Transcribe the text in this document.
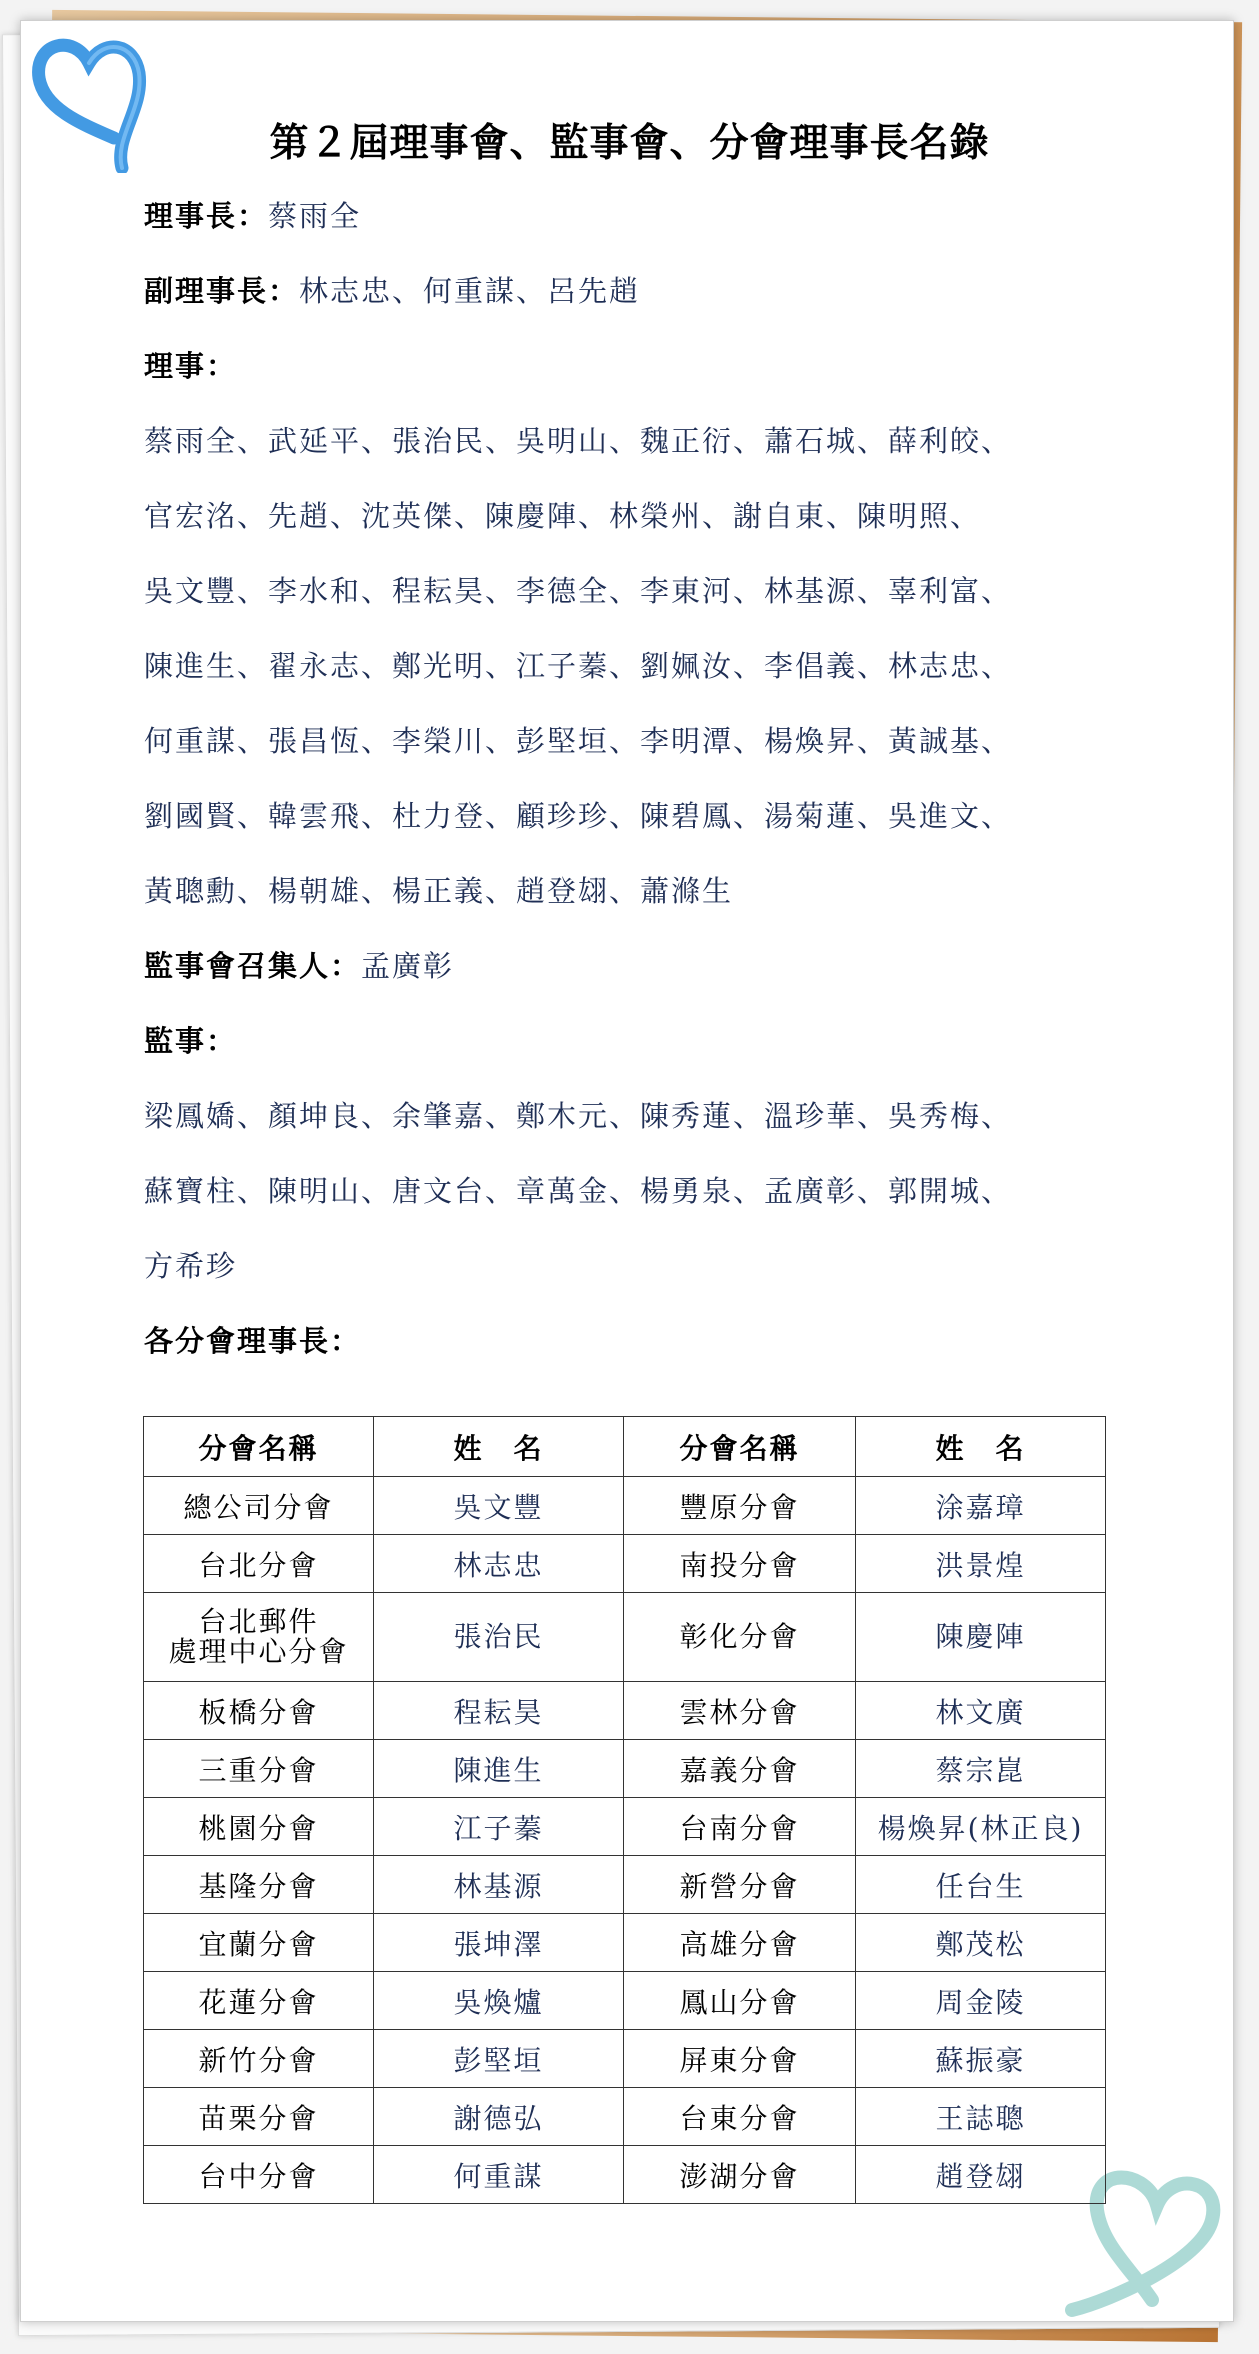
第２屆理事會、監事會、分會理事長名錄
理事長：蔡雨全
副理事長：林志忠、何重謀、呂先趙
理事：
蔡雨全、武延平、張治民、吳明山、魏正衍、蕭石城、薛利皎、
官宏洺、先趙、沈英傑、陳慶陣、林榮州、謝自東、陳明照、
吳文豐、李水和、程耘昊、李德全、李東河、林基源、辜利富、
陳進生、翟永志、鄭光明、江子蓁、劉姵汝、李倡義、林志忠、
何重謀、張昌恆、李榮川、彭堅垣、李明潭、楊煥昇、黃誠基、
劉國賢、韓雲飛、杜力登、顧珍珍、陳碧鳳、湯菊蓮、吳進文、
黃聰勳、楊朝雄、楊正義、趙登翃、蕭滌生
監事會召集人：孟廣彰
監事：
梁鳳嬌、顏坤良、余肇嘉、鄭木元、陳秀蓮、溫珍華、吳秀梅、
蘇寶柱、陳明山、唐文台、章萬金、楊勇泉、孟廣彰、郭開城、
方希珍
各分會理事長：
分會名稱	姓　名	分會名稱	姓　名
總公司分會	吳文豐	豐原分會	涂嘉璋
台北分會	林志忠	南投分會	洪景煌
台北郵件
處理中心分會	張治民	彰化分會	陳慶陣
板橋分會	程耘昊	雲林分會	林文廣
三重分會	陳進生	嘉義分會	蔡宗崑
桃園分會	江子蓁	台南分會	楊煥昇(林正良)
基隆分會	林基源	新營分會	任台生
宜蘭分會	張坤澤	高雄分會	鄭茂松
花蓮分會	吳煥爐	鳳山分會	周金陵
新竹分會	彭堅垣	屏東分會	蘇振豪
苗栗分會	謝德弘	台東分會	王誌聰
台中分會	何重謀	澎湖分會	趙登翃
